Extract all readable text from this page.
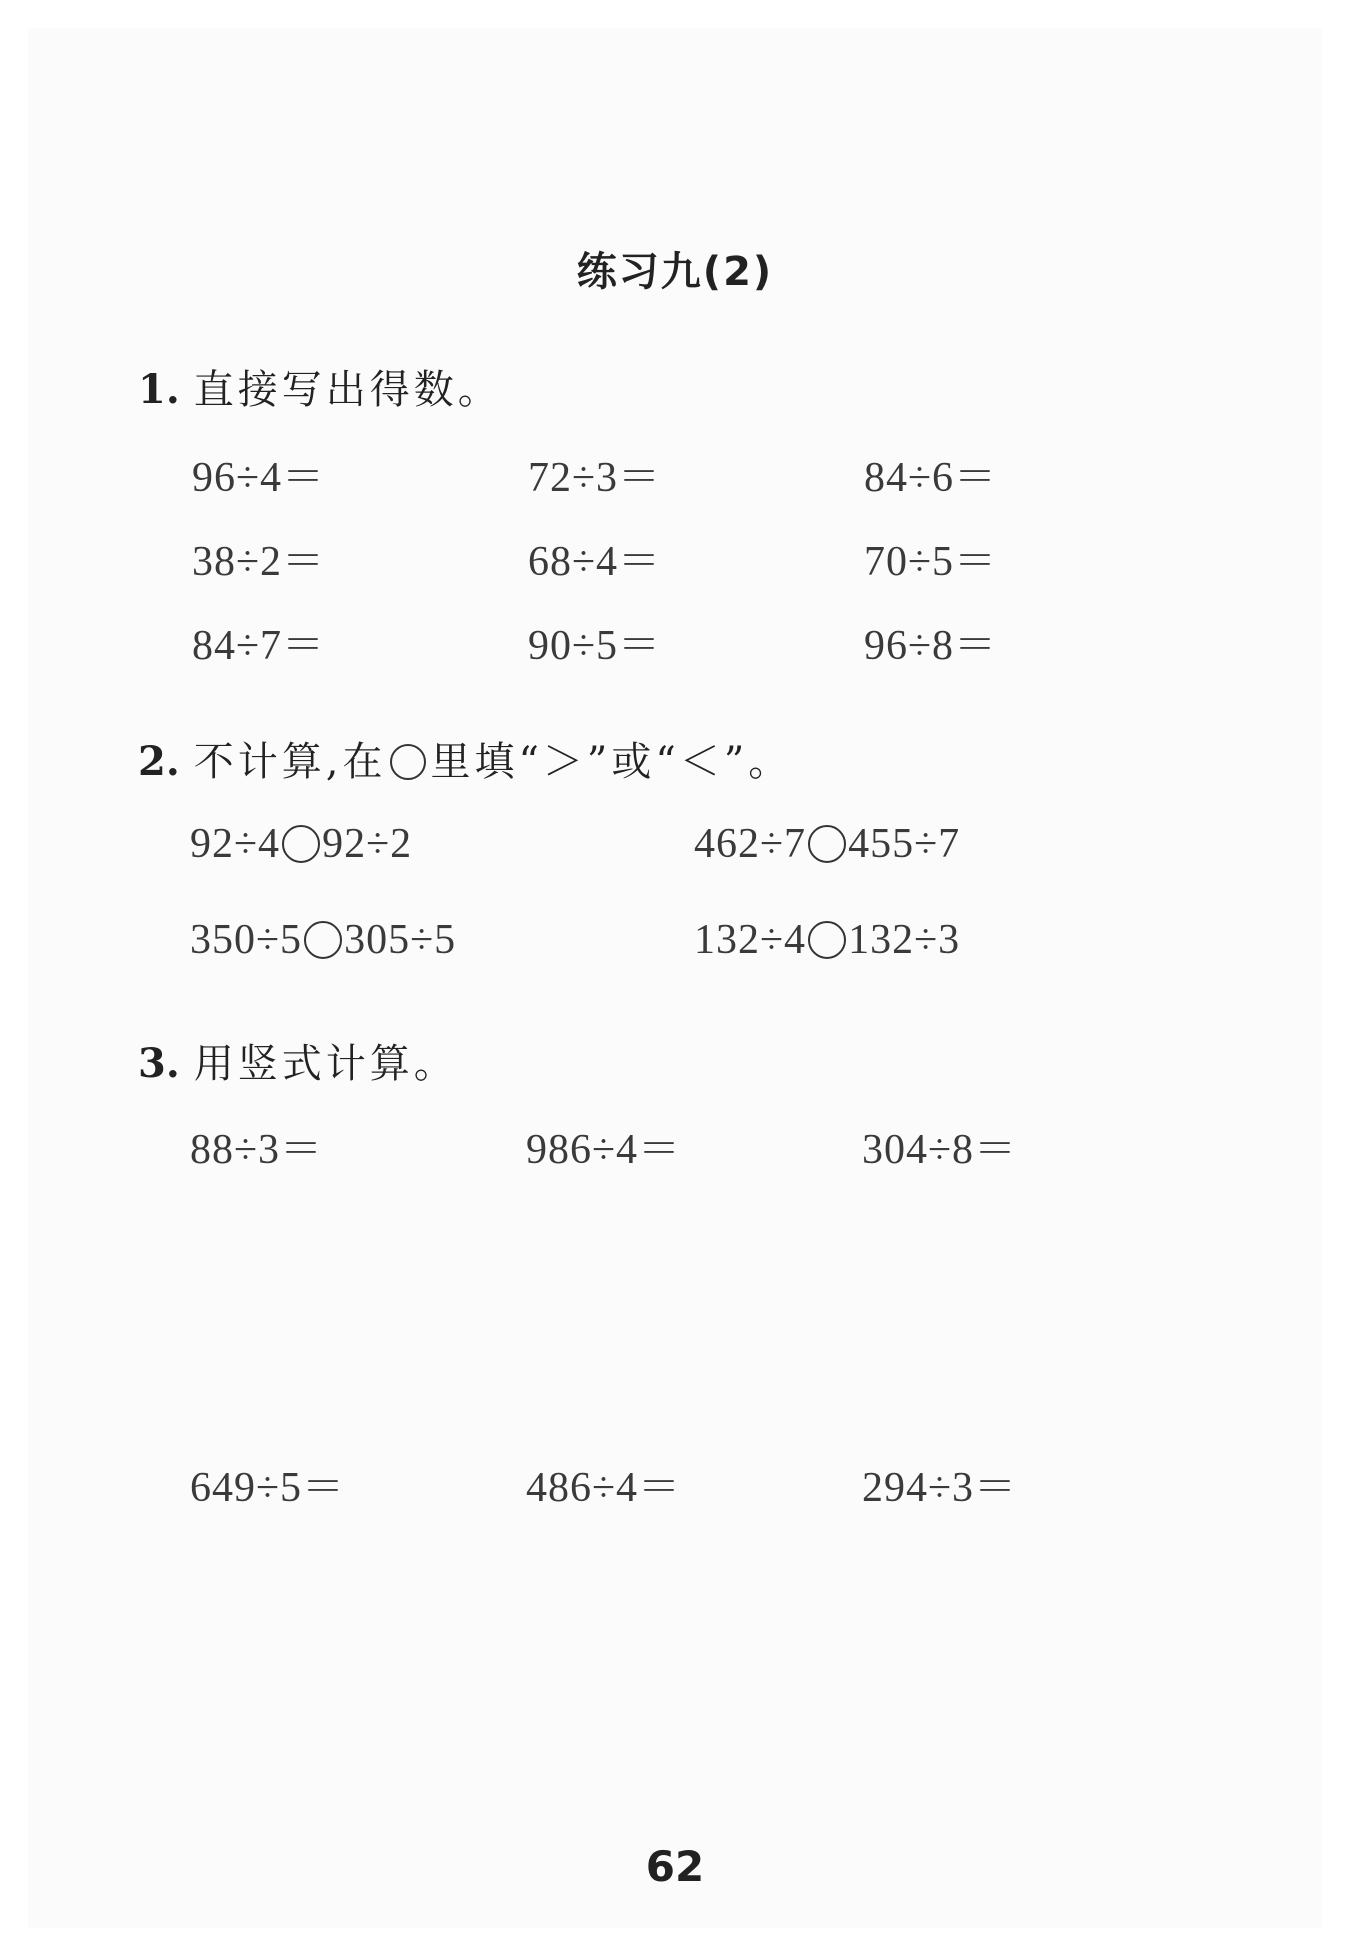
练习九(2)
1. 直接写出得数。
96÷4＝	72÷3＝	84÷6＝
38÷2＝	68÷4＝	70÷5＝
84÷7＝	90÷5＝	96÷8＝
2. 不计算,在 里填“＞”或“＜”。
92÷4 92÷2	462÷7 455÷7
350÷5 305÷5	132÷4 132÷3
3. 用竖式计算。
88÷3＝	986÷4＝	304÷8＝
649÷5＝	486÷4＝	294÷3＝
62
